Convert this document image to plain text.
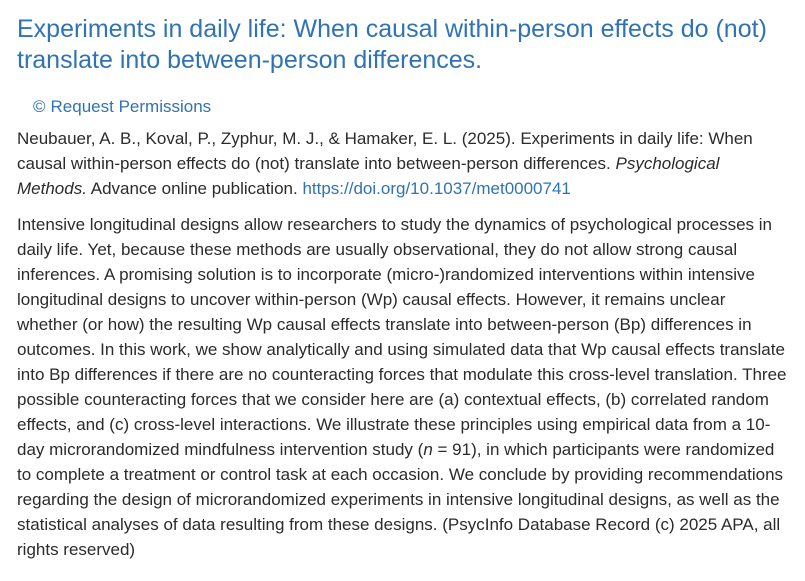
Experiments in daily life: When causal within-person effects do (not) translate into between-person differences.
© Request Permissions

Neubauer, A. B., Koval, P., Zyphur, M. J., & Hamaker, E. L. (2025). Experiments in daily life: When causal within-person effects do (not) translate into between-person differences. Psychological Methods. Advance online publication. https://doi.org/10.1037/met0000741

Intensive longitudinal designs allow researchers to study the dynamics of psychological processes in daily life. Yet, because these methods are usually observational, they do not allow strong causal inferences. A promising solution is to incorporate (micro-)randomized interventions within intensive longitudinal designs to uncover within-person (Wp) causal effects. However, it remains unclear whether (or how) the resulting Wp causal effects translate into between-person (Bp) differences in outcomes. In this work, we show analytically and using simulated data that Wp causal effects translate into Bp differences if there are no counteracting forces that modulate this cross-level translation. Three possible counteracting forces that we consider here are (a) contextual effects, (b) correlated random effects, and (c) cross-level interactions. We illustrate these principles using empirical data from a 10-day microrandomized mindfulness intervention study (n = 91), in which participants were randomized to complete a treatment or control task at each occasion. We conclude by providing recommendations regarding the design of microrandomized experiments in intensive longitudinal designs, as well as the statistical analyses of data resulting from these designs. (PsycInfo Database Record (c) 2025 APA, all rights reserved)
